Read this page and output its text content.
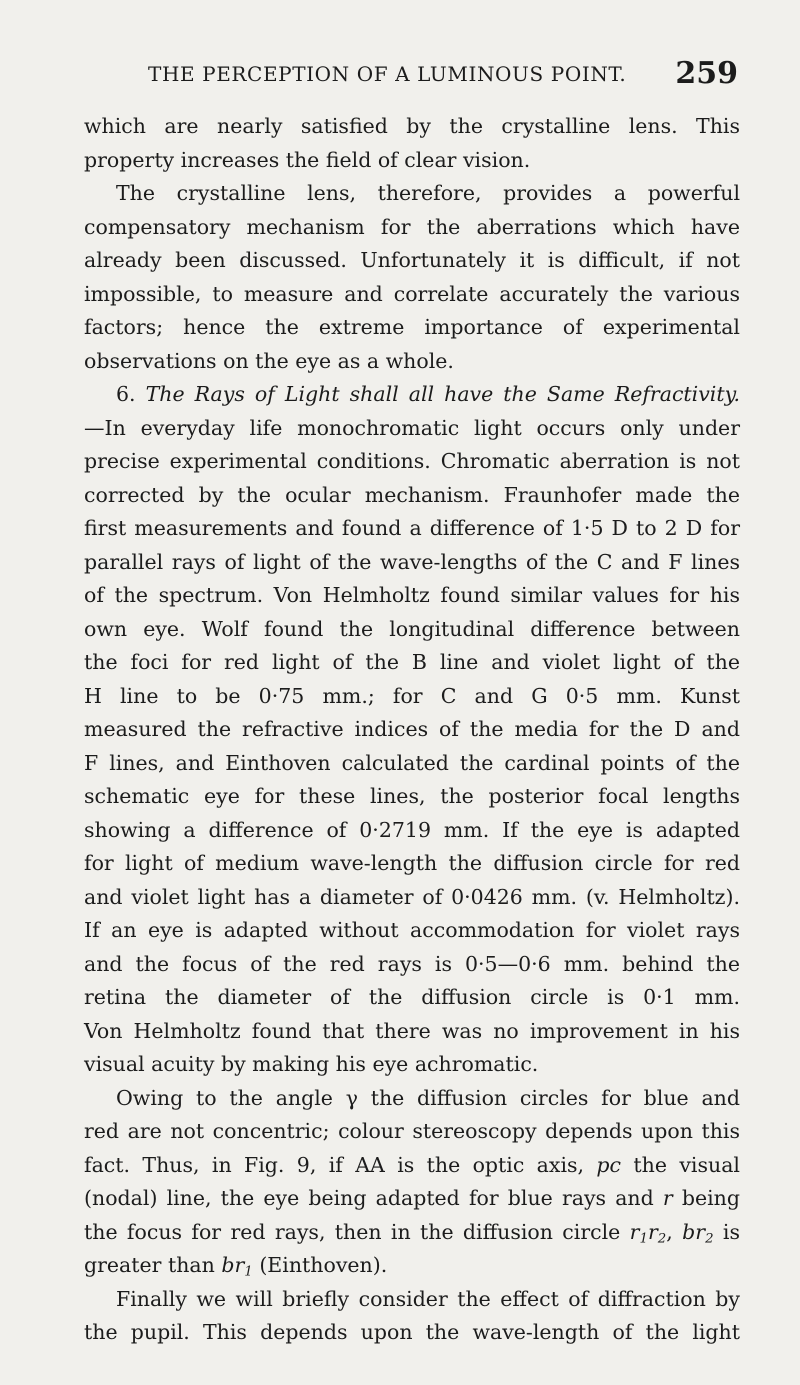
THE PERCEPTION OF A LUMINOUS POINT. 259
which are nearly satisfied by the crystalline lens. This
property increases the field of clear vision.
The crystalline lens, therefore, provides a powerful
compensatory mechanism for the aberrations which have
already been discussed. Unfortunately it is difficult, if not
impossible, to measure and correlate accurately the various
factors; hence the extreme importance of experimental
observations on the eye as a whole.
6. The Rays of Light shall all have the Same Refractivity.
—In everyday life monochromatic light occurs only under
precise experimental conditions. Chromatic aberration is not
corrected by the ocular mechanism. Fraunhofer made the
first measurements and found a difference of 1·5 D to 2 D for
parallel rays of light of the wave-lengths of the C and F lines
of the spectrum. Von Helmholtz found similar values for his
own eye. Wolf found the longitudinal difference between
the foci for red light of the B line and violet light of the
H line to be 0·75 mm.; for C and G 0·5 mm. Kunst
measured the refractive indices of the media for the D and
F lines, and Einthoven calculated the cardinal points of the
schematic eye for these lines, the posterior focal lengths
showing a difference of 0·2719 mm. If the eye is adapted
for light of medium wave-length the diffusion circle for red
and violet light has a diameter of 0·0426 mm. (v. Helmholtz).
If an eye is adapted without accommodation for violet rays
and the focus of the red rays is 0·5—0·6 mm. behind the
retina the diameter of the diffusion circle is 0·1 mm.
Von Helmholtz found that there was no improvement in his
visual acuity by making his eye achromatic.
Owing to the angle γ the diffusion circles for blue and
red are not concentric; colour stereoscopy depends upon this
fact. Thus, in Fig. 9, if AA is the optic axis, pc the visual
(nodal) line, the eye being adapted for blue rays and r being
the focus for red rays, then in the diffusion circle $r_1r_2$, $br_2$ is
greater than $br_1$ (Einthoven).
Finally we will briefly consider the effect of diffraction by
the pupil. This depends upon the wave-length of the light
